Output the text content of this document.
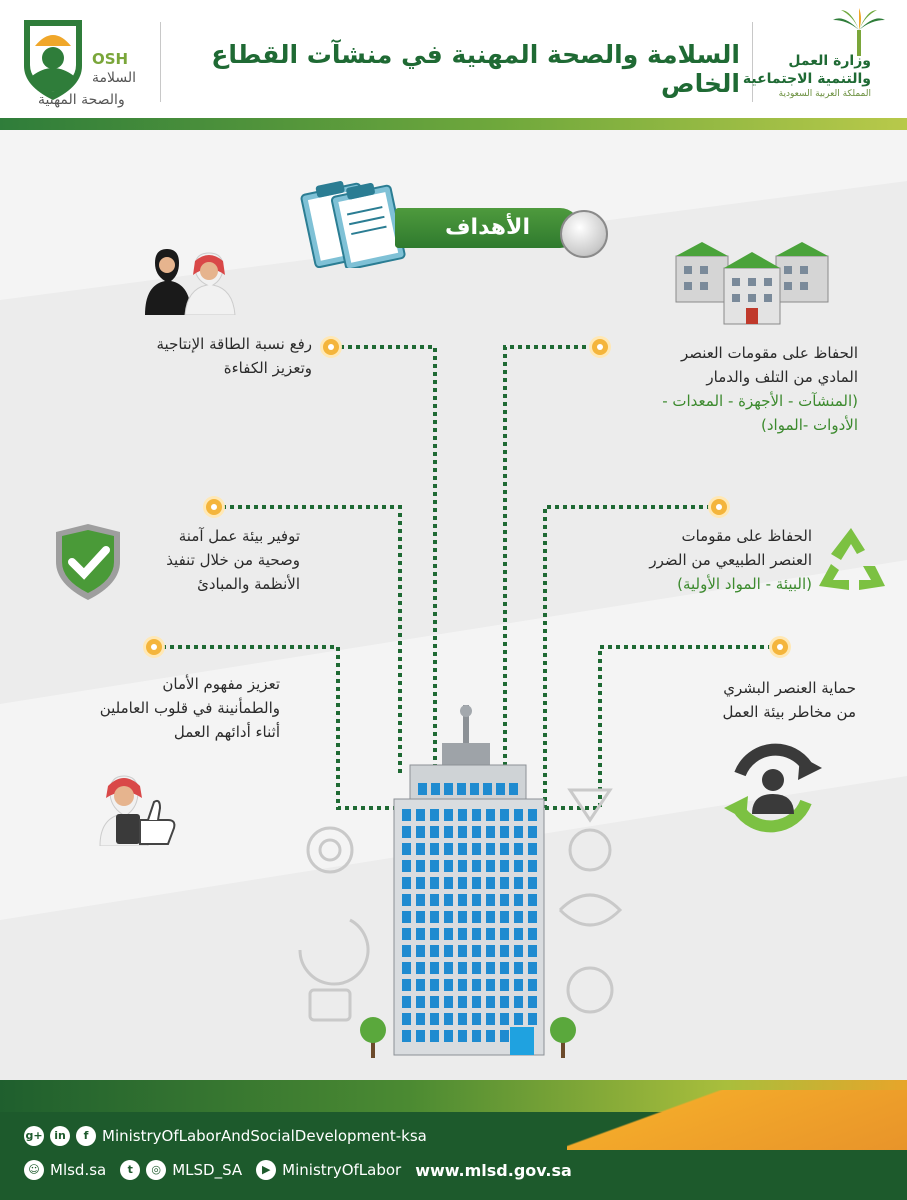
OSH
السلامة
والصحة المهنية
السلامة والصحة المهنية في منشآت القطاع الخاص
وزارة العمل
والتنمية الاجتماعية
المملكة العربية السعودية
الأهداف
رفع نسبة الطاقة الإنتاجية
وتعزيز الكفاءة
توفير بيئة عمل آمنة
وصحية من خلال تنفيذ
الأنظمة والمبادئ
تعزيز مفهوم الأمان
والطمأنينة في قلوب العاملين
أثناء أدائهم العمل
الحفاظ على مقومات العنصر
المادي من التلف والدمار
(المنشآت - الأجهزة - المعدات -
الأدوات -المواد)
الحفاظ على مقومات
العنصر الطبيعي من الضرر
(البيئة - المواد الأولية)
حماية العنصر البشري
من مخاطر بيئة العمل
g+	in	f MinistryOfLaborAndSocialDevelopment-ksa
☺ Mlsd.sa	t	◎ MLSD_SA	▶ MinistryOfLabor www.mlsd.gov.sa
